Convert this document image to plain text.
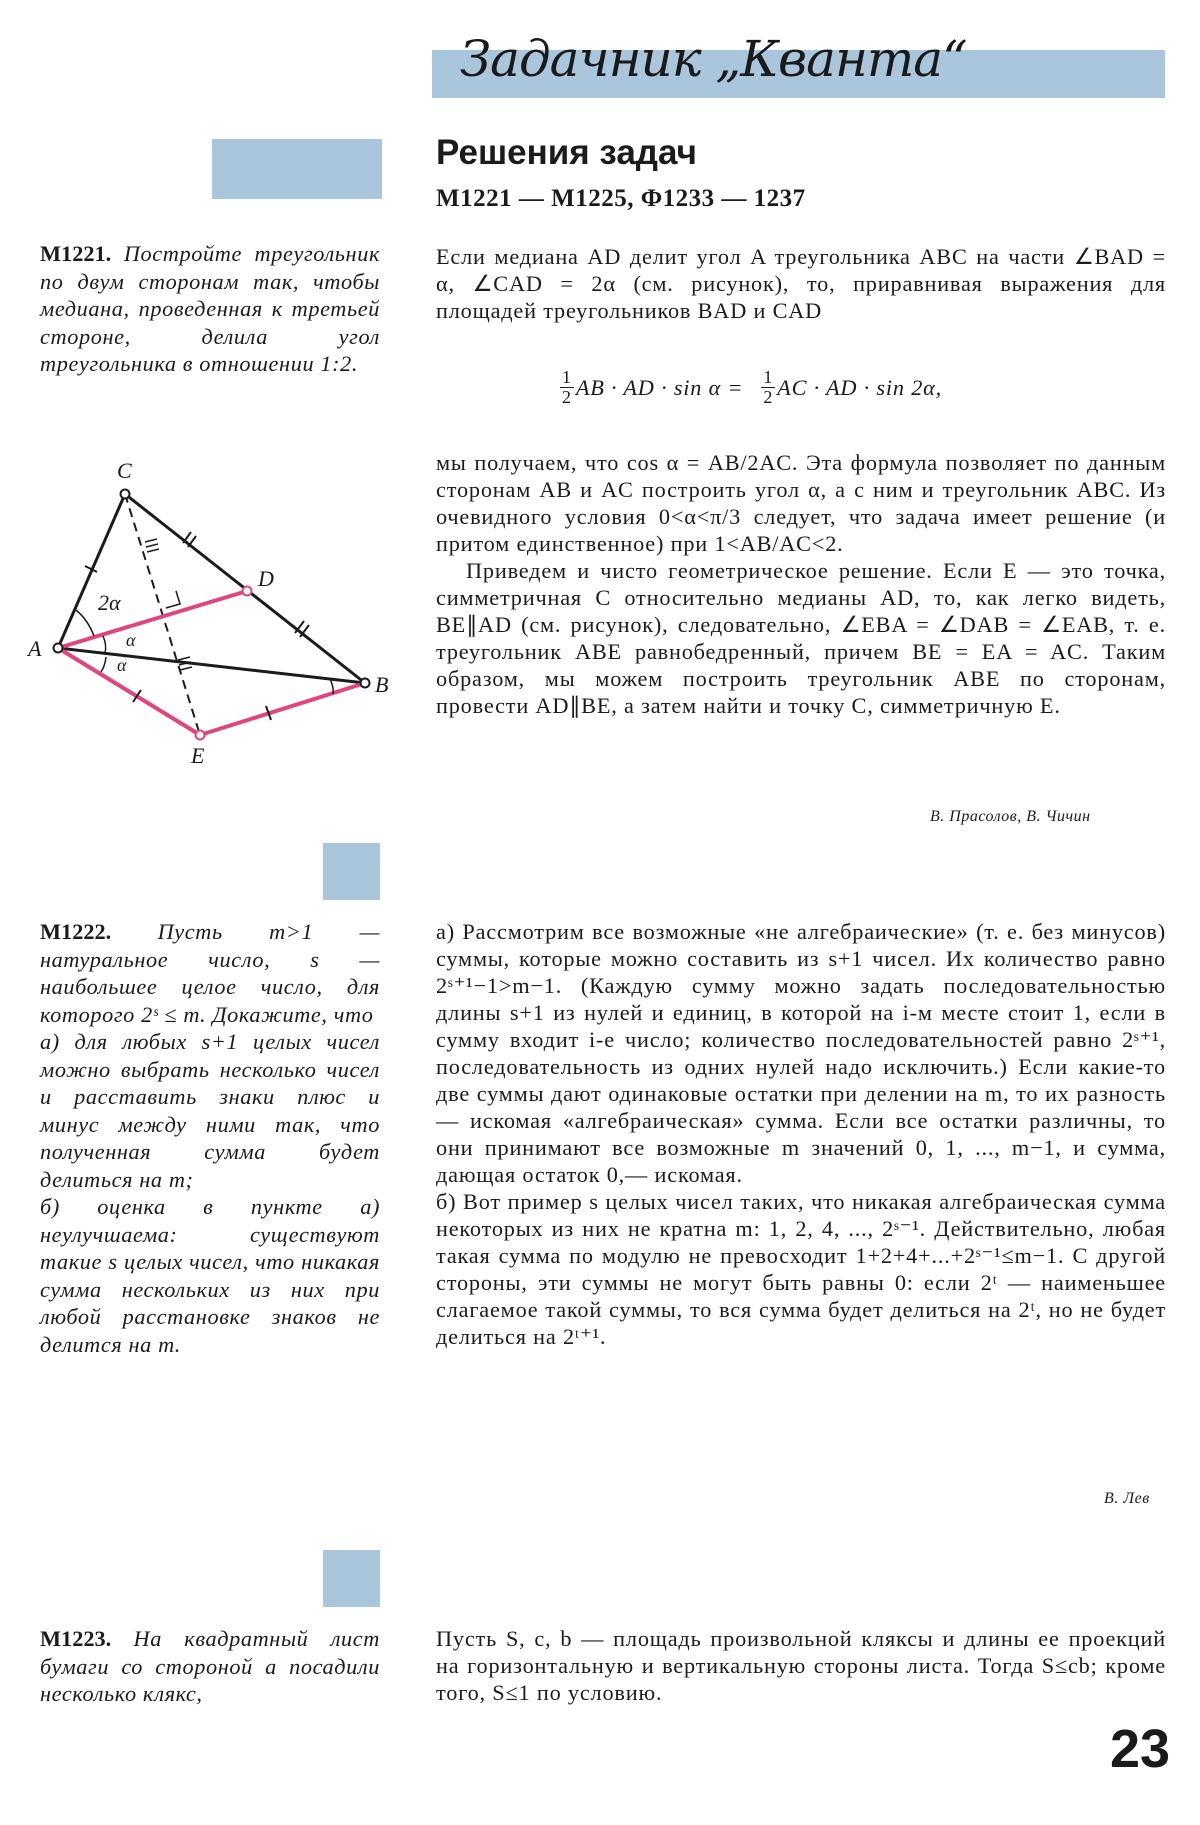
Задачник „Кванта“
Решения задач
М1221 — М1225, Ф1233 — 1237
М1221. Постройте треугольник по двум сторонам так, чтобы медиана, проведенная к третьей стороне, делила угол треугольника в отношении 1:2.
C
D
A
B
E
2α
α
α

Если медиана AD делит угол A треугольника ABC на части ∠BAD = α, ∠CAD = 2α (см. рисунок), то, приравнивая выражения для площадей треугольников BAD и CAD

$\frac{1}{2}$ AB · AD · $\sin \alpha = \frac{1}{2}$ AC · AD · sin 2α,

мы получаем, что cos α = AB/2AC. Эта формула позволяет по данным сторонам AB и AC построить угол α, а с ним и треугольник ABC. Из очевидного условия 0<α<π/3 следует, что задача имеет решение (и притом единственное) при 1<AB/AC<2.

Приведем и чисто геометрическое решение. Если E — это точка, симметричная C относительно медианы AD, то, как легко видеть, BE∥AD (см. рисунок), следовательно, ∠EBA = ∠DAB = ∠EAB, т. е. треугольник ABE равнобедренный, причем BE = EA = AC. Таким образом, мы можем построить треугольник ABE по сторонам, провести AD∥BE, а затем найти и точку C, симметричную E.

В. Прасолов, В. Чичин
М1222. Пусть m>1 — натуральное число, s — наибольшее целое число, для которого 2ˢ ≤ m. Докажите, что
а) для любых s+1 целых чисел можно выбрать несколько чисел и расставить знаки плюс и минус между ними так, что полученная сумма будет делиться на m;
б) оценка в пункте а) неулучшаема: существуют такие s целых чисел, что никакая сумма нескольких из них при любой расстановке знаков не делится на m.

а) Рассмотрим все возможные «не алгебраические» (т. е. без минусов) суммы, которые можно составить из s+1 чисел. Их количество равно 2ˢ⁺¹−1>m−1. (Каждую сумму можно задать последовательностью длины s+1 из нулей и единиц, в которой на i-м месте стоит 1, если в сумму входит i-е число; количество последовательностей равно 2ˢ⁺¹, последовательность из одних нулей надо исключить.) Если какие-то две суммы дают одинаковые остатки при делении на m, то их разность — искомая «алгебраическая» сумма. Если все остатки различны, то они принимают все возможные m значений 0, 1, ..., m−1, и сумма, дающая остаток 0,— искомая.

б) Вот пример s целых чисел таких, что никакая алгебраическая сумма некоторых из них не кратна m: 1, 2, 4, ..., 2ˢ⁻¹. Действительно, любая такая сумма по модулю не превосходит 1+2+4+...+2ˢ⁻¹≤m−1. С другой стороны, эти суммы не могут быть равны 0: если 2ᵗ — наименьшее слагаемое такой суммы, то вся сумма будет делиться на 2ᵗ, но не будет делиться на 2ᵗ⁺¹.

В. Лев
М1223. На квадратный лист бумаги со стороной a посадили несколько клякс,

Пусть S, c, b — площадь произвольной кляксы и длины ее проекций на горизонтальную и вертикальную стороны листа. Тогда S≤cb; кроме того, S≤1 по условию.

23
